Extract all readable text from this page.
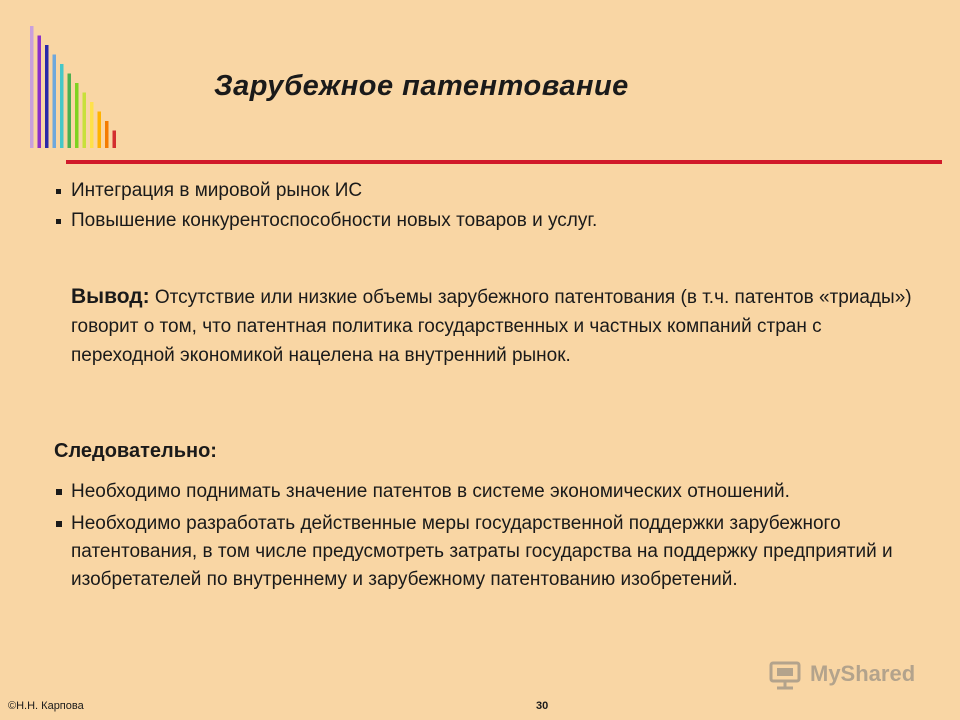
Зарубежное патентование
Интеграция в мировой рынок ИС
Повышение конкурентоспособности новых товаров и услуг.
Вывод: Отсутствие или низкие объемы зарубежного патентования (в т.ч. патентов «триады») говорит о том, что патентная политика государственных и частных компаний стран с переходной экономикой нацелена на внутренний рынок.
Следовательно:
Необходимо поднимать значение патентов в системе экономических отношений.
Необходимо разработать действенные меры государственной поддержки зарубежного патентования, в том числе предусмотреть затраты государства на поддержку предприятий и изобретателей по внутреннему и зарубежному патентованию изобретений.
©Н.Н. Карпова	30
MyShared
